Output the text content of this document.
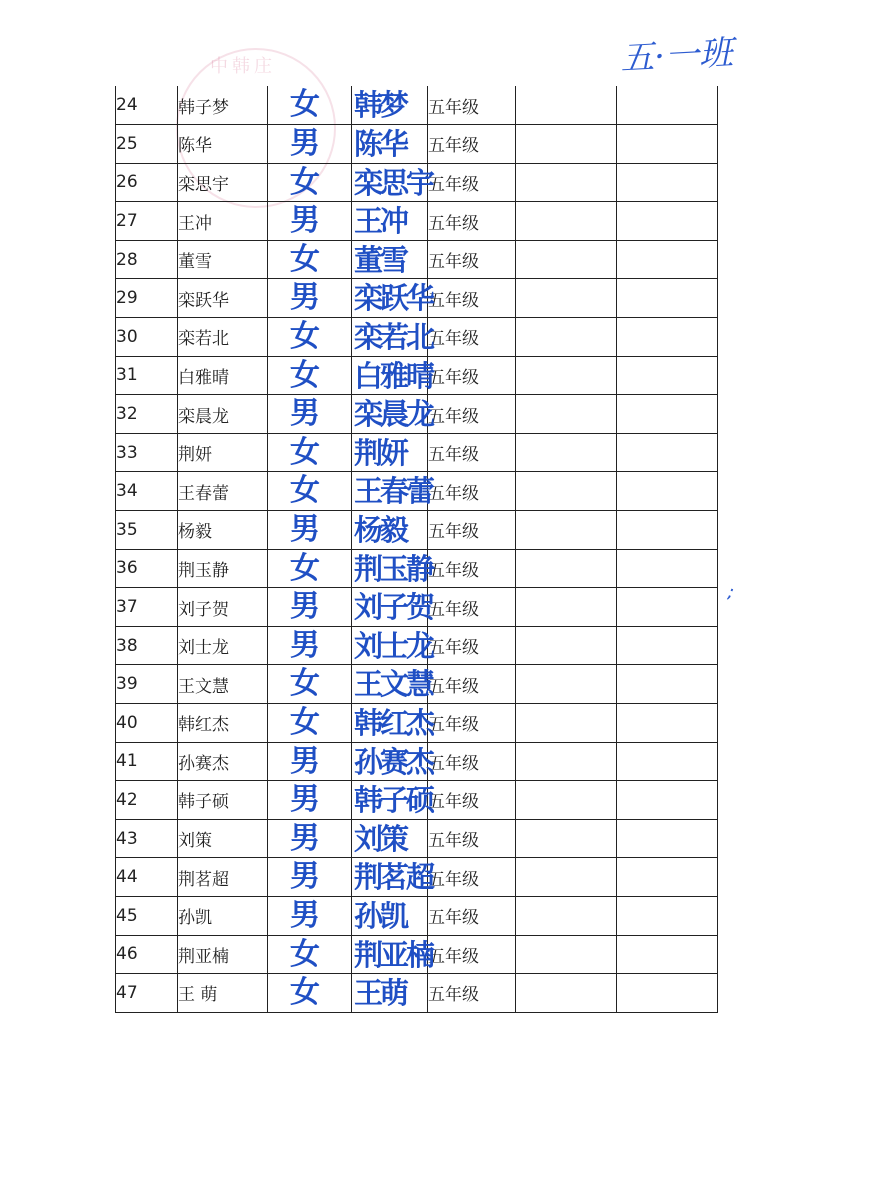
中韩庄	五·一班
;
24	韩子梦	女	韩梦	五年级		
25	陈华	男	陈华	五年级		
26	栾思宇	女	栾思宇	五年级		
27	王冲	男	王冲	五年级		
28	董雪	女	董雪	五年级		
29	栾跃华	男	栾跃华	五年级		
30	栾若北	女	栾若北	五年级		
31	白雅晴	女	白雅晴	五年级		
32	栾晨龙	男	栾晨龙	五年级		
33	荆妍	女	荆妍	五年级		
34	王春蕾	女	王春蕾	五年级		
35	杨毅	男	杨毅	五年级		
36	荆玉静	女	荆玉静	五年级		
37	刘子贺	男	刘子贺	五年级		
38	刘士龙	男	刘士龙	五年级		
39	王文慧	女	王文慧	五年级		
40	韩红杰	女	韩红杰	五年级		
41	孙赛杰	男	孙赛杰	五年级		
42	韩子硕	男	韩子硕	五年级		
43	刘策	男	刘策	五年级		
44	荆茗超	男	荆茗超	五年级		
45	孙凯	男	孙凯	五年级		
46	荆亚楠	女	荆亚楠	五年级		
47	王 萌	女	王萌	五年级		
